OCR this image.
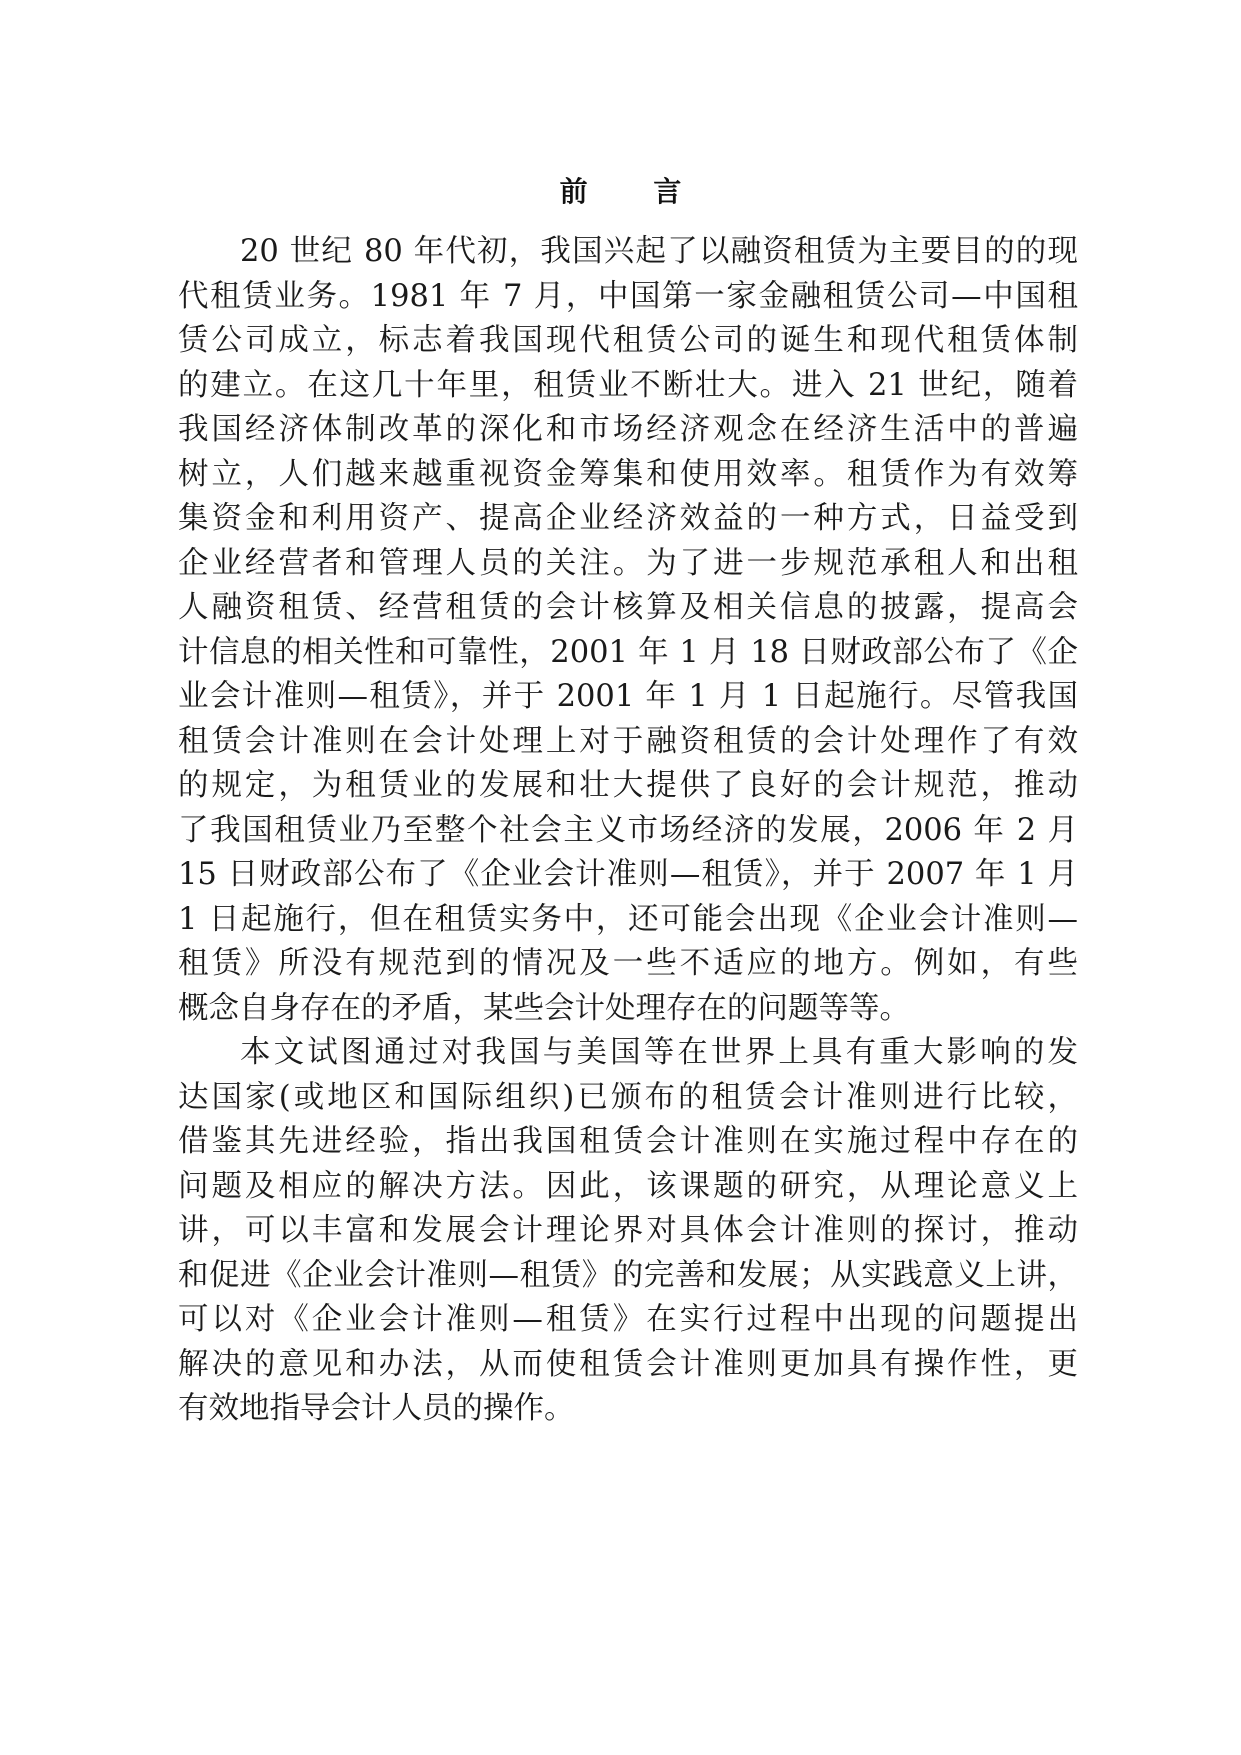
前 言
20 世纪 80 年代初，我国兴起了以融资租赁为主要目的的现
代租赁业务。1981 年 7 月，中国第一家金融租赁公司—中国租
赁公司成立，标志着我国现代租赁公司的诞生和现代租赁体制
的建立。在这几十年里，租赁业不断壮大。进入 21 世纪，随着
我国经济体制改革的深化和市场经济观念在经济生活中的普遍
树立，人们越来越重视资金筹集和使用效率。租赁作为有效筹
集资金和利用资产、提高企业经济效益的一种方式，日益受到
企业经营者和管理人员的关注。为了进一步规范承租人和出租
人融资租赁、经营租赁的会计核算及相关信息的披露，提高会
计信息的相关性和可靠性，2001 年 1 月 18 日财政部公布了《企
业会计准则—租赁》，并于 2001 年 1 月 1 日起施行。尽管我国
租赁会计准则在会计处理上对于融资租赁的会计处理作了有效
的规定，为租赁业的发展和壮大提供了良好的会计规范，推动
了我国租赁业乃至整个社会主义市场经济的发展，2006 年 2 月
15 日财政部公布了《企业会计准则—租赁》，并于 2007 年 1 月
1 日起施行，但在租赁实务中，还可能会出现《企业会计准则—
租赁》所没有规范到的情况及一些不适应的地方。例如，有些
概念自身存在的矛盾，某些会计处理存在的问题等等。
本文试图通过对我国与美国等在世界上具有重大影响的发
达国家(或地区和国际组织)已颁布的租赁会计准则进行比较，
借鉴其先进经验，指出我国租赁会计准则在实施过程中存在的
问题及相应的解决方法。因此，该课题的研究，从理论意义上
讲，可以丰富和发展会计理论界对具体会计准则的探讨，推动
和促进《企业会计准则—租赁》的完善和发展；从实践意义上讲，
可以对《企业会计准则—租赁》在实行过程中出现的问题提出
解决的意见和办法，从而使租赁会计准则更加具有操作性，更
有效地指导会计人员的操作。
